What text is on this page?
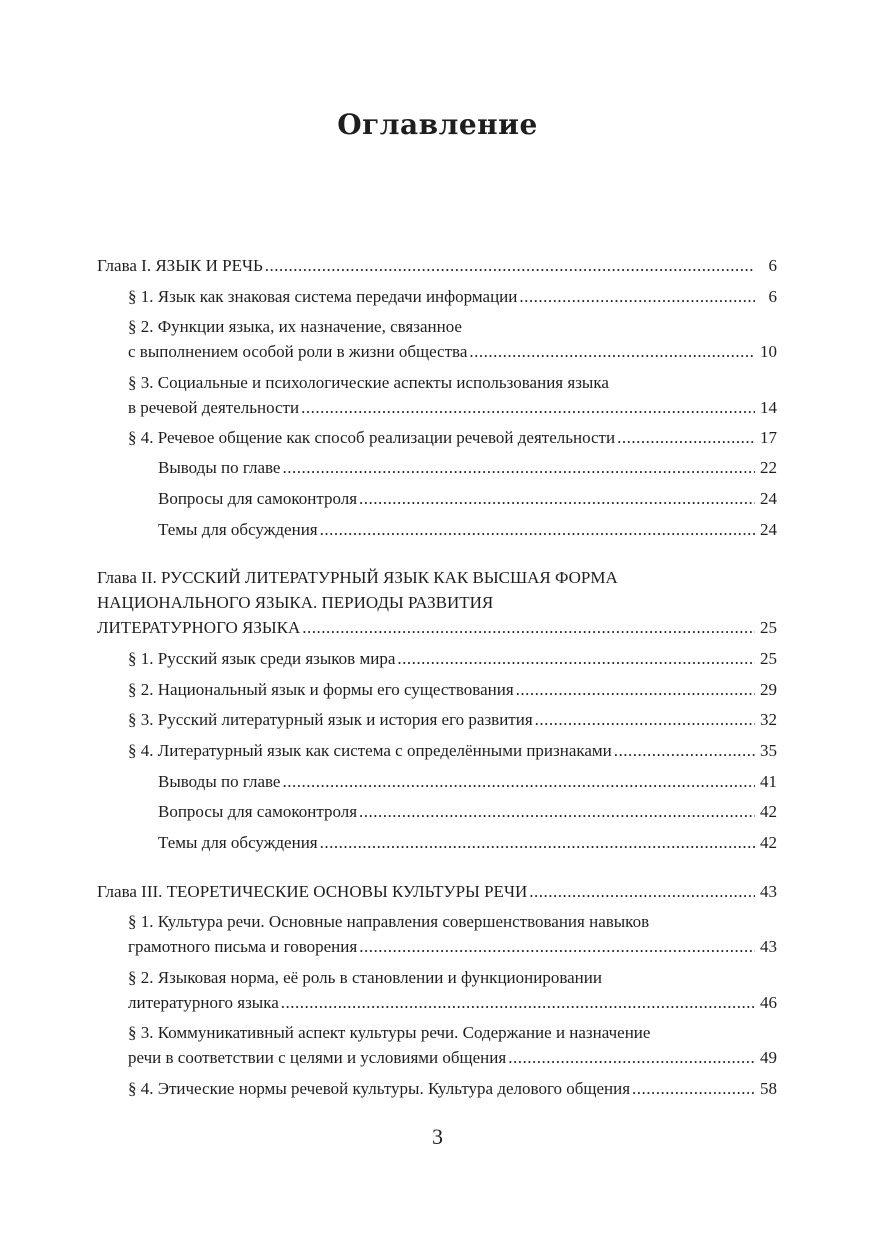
Оглавление
Глава I. ЯЗЫК И РЕЧЬ .....	6
§ 1. Язык как знаковая система передачи информации .....	6
§ 2. Функции языка, их назначение, связанное
с выполнением особой роли в жизни общества .....	10
§ 3. Социальные и психологические аспекты использования языка
в речевой деятельности .....	14
§ 4. Речевое общение как способ реализации речевой деятельности .....	17
Выводы по главе .....	22
Вопросы для самоконтроля .....	24
Темы для обсуждения .....	24
Глава II. РУССКИЙ ЛИТЕРАТУРНЫЙ ЯЗЫК КАК ВЫСШАЯ ФОРМА
НАЦИОНАЛЬНОГО ЯЗЫКА. ПЕРИОДЫ РАЗВИТИЯ
ЛИТЕРАТУРНОГО ЯЗЫКА .....	25
§ 1. Русский язык среди языков мира .....	25
§ 2. Национальный язык и формы его существования .....	29
§ 3. Русский литературный язык и история его развития .....	32
§ 4. Литературный язык как система с определёнными признаками .....	35
Выводы по главе .....	41
Вопросы для самоконтроля .....	42
Темы для обсуждения .....	42
Глава III. ТЕОРЕТИЧЕСКИЕ ОСНОВЫ КУЛЬТУРЫ РЕЧИ .....	43
§ 1. Культура речи. Основные направления совершенствования навыков
грамотного письма и говорения .....	43
§ 2. Языковая норма, её роль в становлении и функционировании
литературного языка .....	46
§ 3. Коммуникативный аспект культуры речи. Содержание и назначение
речи в соответствии с целями и условиями общения .....	49
§ 4. Этические нормы речевой культуры. Культура делового общения .....	58
3
